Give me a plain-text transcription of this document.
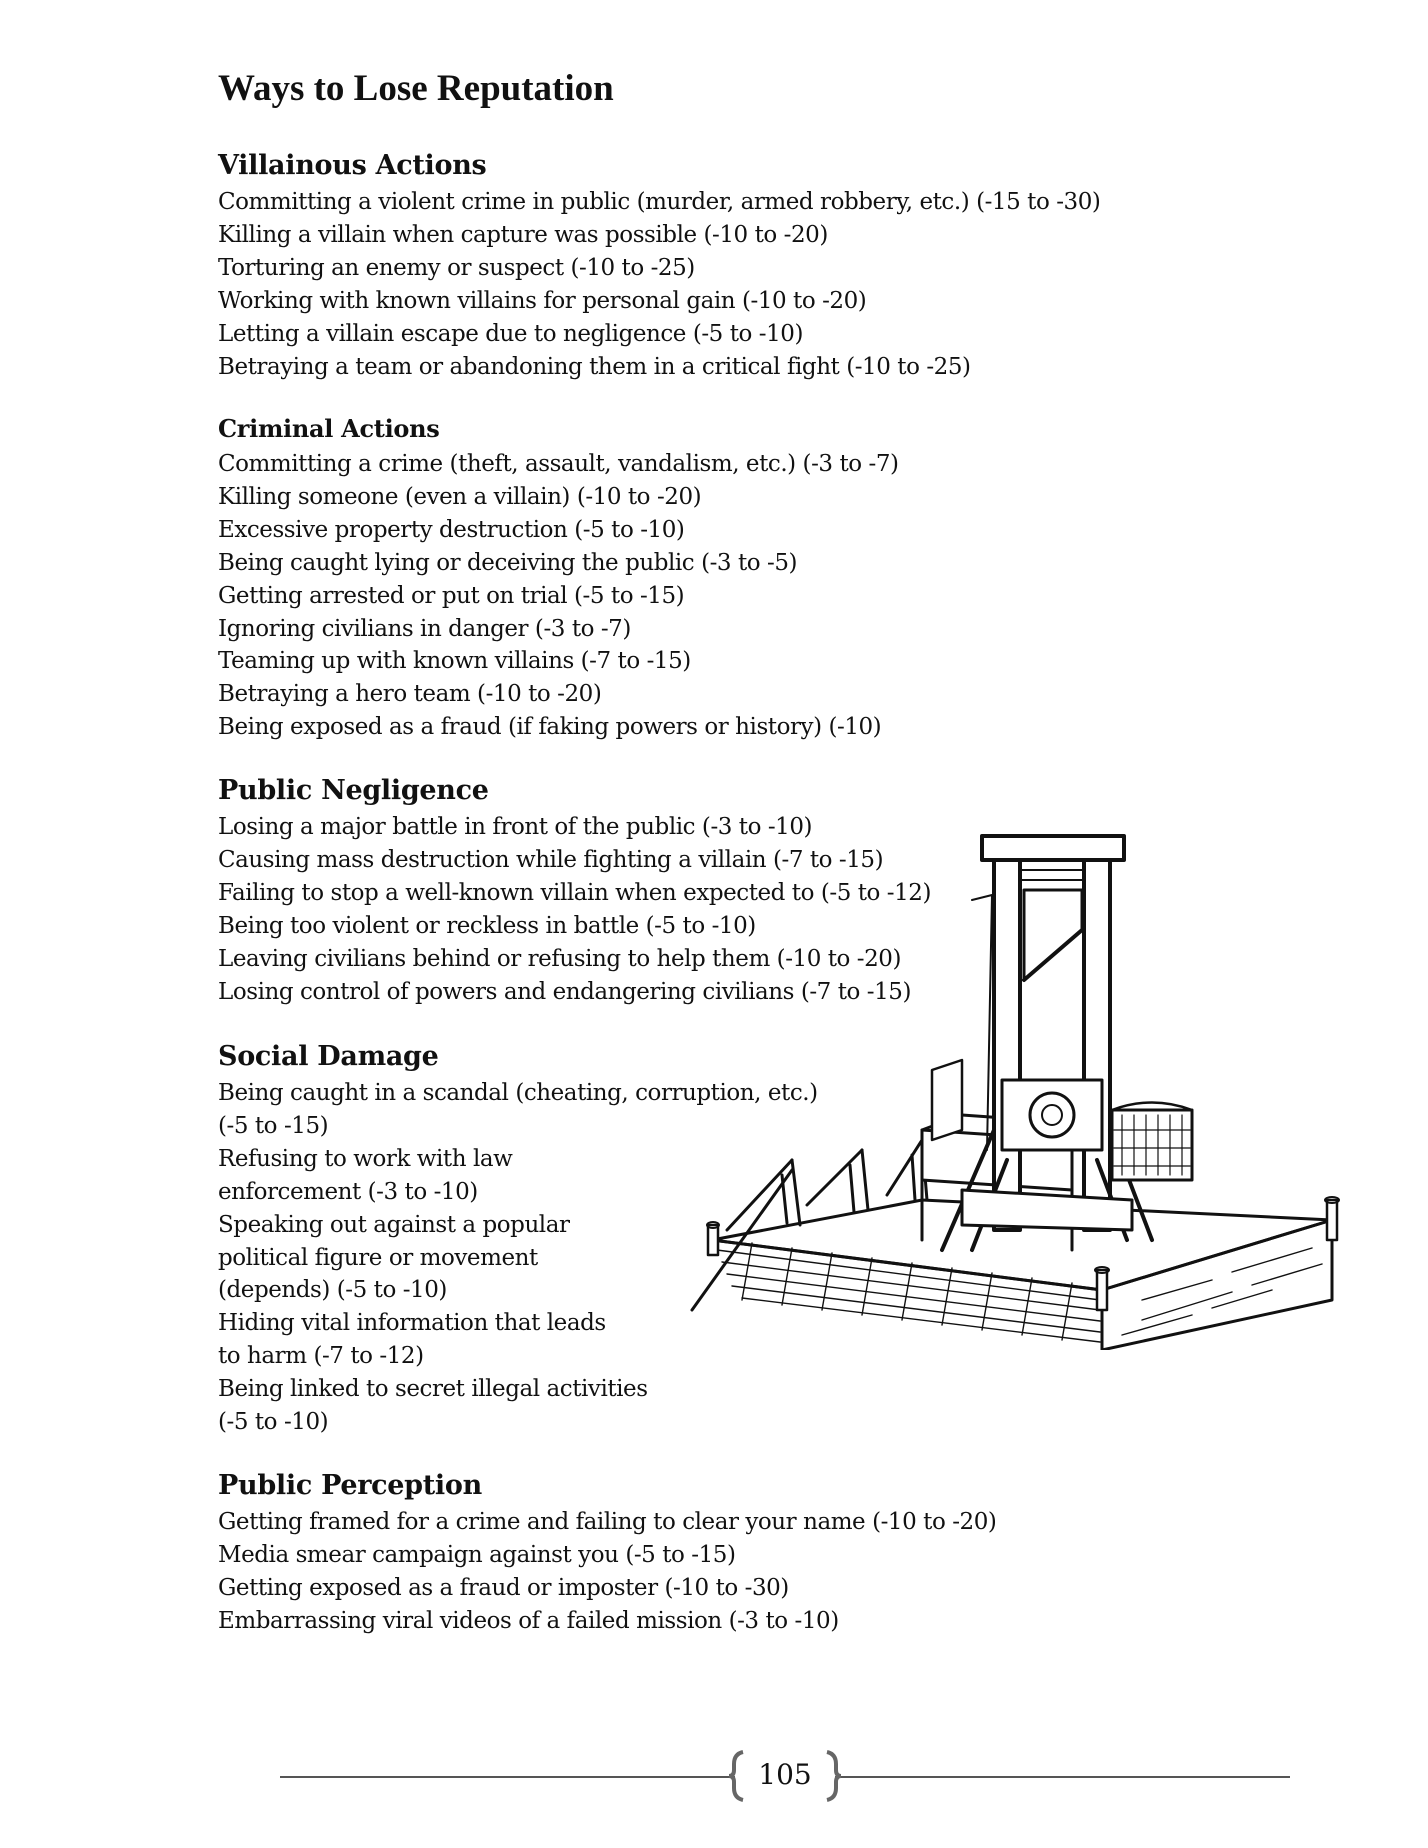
Ways to Lose Reputation
Villainous Actions
Committing a violent crime in public (murder, armed robbery, etc.) (-15 to -30)
Killing a villain when capture was possible (-10 to -20)
Torturing an enemy or suspect (-10 to -25)
Working with known villains for personal gain (-10 to -20)
Letting a villain escape due to negligence (-5 to -10)
Betraying a team or abandoning them in a critical fight (-10 to -25)
Criminal Actions
Committing a crime (theft, assault, vandalism, etc.) (-3 to -7)
Killing someone (even a villain) (-10 to -20)
Excessive property destruction (-5 to -10)
Being caught lying or deceiving the public (-3 to -5)
Getting arrested or put on trial (-5 to -15)
Ignoring civilians in danger (-3 to -7)
Teaming up with known villains (-7 to -15)
Betraying a hero team (-10 to -20)
Being exposed as a fraud (if faking powers or history) (-10)
Public Negligence
Losing a major battle in front of the public (-3 to -10)
Causing mass destruction while fighting a villain (-7 to -15)
Failing to stop a well-known villain when expected to (-5 to -12)
Being too violent or reckless in battle (-5 to -10)
Leaving civilians behind or refusing to help them (-10 to -20)
Losing control of powers and endangering civilians (-7 to -15)
Social Damage
Being caught in a scandal (cheating, corruption, etc.)
(-5 to -15)
Refusing to work with law
enforcement (-3 to -10)
Speaking out against a popular
political figure or movement
(depends) (-5 to -10)
Hiding vital information that leads
to harm (-7 to -12)
Being linked to secret illegal activities
(-5 to -10)
Public Perception
Getting framed for a crime and failing to clear your name (-10 to -20)
Media smear campaign against you (-5 to -15)
Getting exposed as a fraud or imposter (-10 to -30)
Embarrassing viral videos of a failed mission (-3 to -10)
105
